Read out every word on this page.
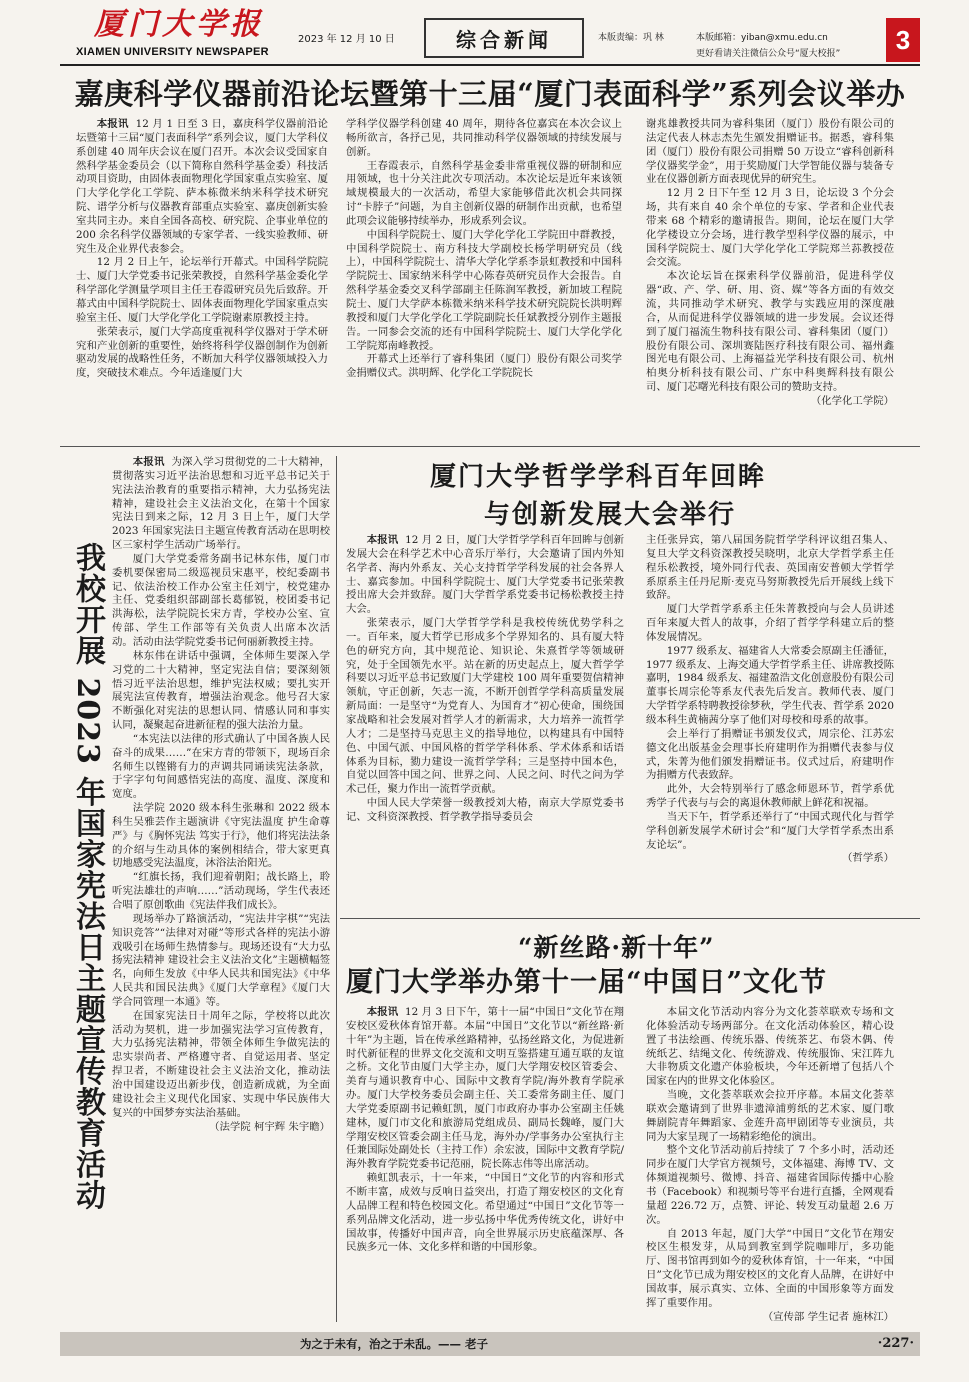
厦门大学报
XIAMEN UNIVERSITY NEWSPAPER
2023 年 12 月 10 日	综合新闻	本版责编：巩 林	本版邮箱：yiban@xmu.edu.cn
更好看请关注微信公众号“厦大校报”	3
嘉庚科学仪器前沿论坛暨第十三届“厦门表面科学”系列会议举办

本报讯 12 月 1 日至 3 日，嘉庚科学仪器前沿论坛暨第十三届“厦门表面科学”系列会议，厦门大学科仪系创建 40 周年庆会议在厦门召开。本次会议受国家自然科学基金委员会（以下简称自然科学基金委）科技活动项目资助，由固体表面物理化学国家重点实验室、厦门大学化学化工学院、萨本栋微米纳米科学技术研究院、谱学分析与仪器教育部重点实验室、嘉庚创新实验室共同主办。来自全国各高校、研究院、企事业单位的 200 余名科学仪器领域的专家学者、一线实验教师、研究生及企业界代表参会。

12 月 2 日上午，论坛举行开幕式。中国科学院院士、厦门大学党委书记张荣教授，自然科学基金委化学科学部化学测量学项目主任王春霞研究员先后致辞。开幕式由中国科学院院士、固体表面物理化学国家重点实验室主任、厦门大学化学化工学院谢素原教授主持。

张荣表示，厦门大学高度重视科学仪器对于学术研究和产业创新的重要性，始终将科学仪器创制作为创新驱动发展的战略性任务，不断加大科学仪器领域投入力度，突破技术难点。今年适逢厦门大

学科学仪器学科创建 40 周年，期待各位嘉宾在本次会议上畅所欲言，各抒己见，共同推动科学仪器领域的持续发展与创新。

王春霞表示，自然科学基金委非常重视仪器的研制和应用领域，也十分关注此次专项活动。本次论坛是近年来该领域规模最大的一次活动，希望大家能够借此次机会共同探讨“卡脖子”问题，为自主创新仪器的研制作出贡献，也希望此项会议能够持续举办，形成系列会议。

中国科学院院士、厦门大学化学化工学院田中群教授，中国科学院院士、南方科技大学副校长杨学明研究员（线上），中国科学院院士、清华大学化学系李景虹教授和中国科学院院士、国家纳米科学中心陈春英研究员作大会报告。自然科学基金委交叉科学部副主任陈润军教授，新加坡工程院院士、厦门大学萨本栋微米纳米科学技术研究院院长洪明辉教授和厦门大学化学化工学院副院长任斌教授分别作主题报告。一同参会交流的还有中国科学院院士、厦门大学化学化工学院郑南峰教授。

开幕式上还举行了睿科集团（厦门）股份有限公司奖学金捐赠仪式。洪明辉、化学化工学院院长

谢兆雄教授共同为睿科集团（厦门）股份有限公司的法定代表人林志杰先生颁发捐赠证书。据悉，睿科集团（厦门）股份有限公司捐赠 50 万设立“睿科创新科学仪器奖学金”，用于奖励厦门大学智能仪器与装备专业在仪器创新方面表现优异的研究生。

12 月 2 日下午至 12 月 3 日，论坛设 3 个分会场，共有来自 40 余个单位的专家、学者和企业代表带来 68 个精彩的邀请报告。期间，论坛在厦门大学化学楼设立分会场，进行教学型科学仪器的展示，中国科学院院士、厦门大学化学化工学院郑兰荪教授莅会交流。

本次论坛旨在探索科学仪器前沿，促进科学仪器“政、产、学、研、用、资、媒”等各方面的有效交流，共同推动学术研究、教学与实践应用的深度融合，从而促进科学仪器领域的进一步发展。会议还得到了厦门福流生物科技有限公司、睿科集团（厦门）股份有限公司、深圳赛陆医疗科技有限公司、福州鑫图光电有限公司、上海福益光学科技有限公司、杭州柏奥分析科技有限公司、广东中科奥辉科技有限公司、厦门芯曙光科技有限公司的赞助支持。

（化学化工学院）

我校开展 2023 年国家宪法日主题宣传教育活动

本报讯 为深入学习贯彻党的二十大精神，贯彻落实习近平法治思想和习近平总书记关于宪法法治教育的重要指示精神，大力弘扬宪法精神，建设社会主义法治文化，在第十个国家宪法日到来之际，12 月 3 日上午，厦门大学 2023 年国家宪法日主题宣传教育活动在思明校区三家村学生活动广场举行。

厦门大学党委常务副书记林东伟，厦门市委机要保密局二级巡视员宋惠平，校纪委副书记、依法治校工作办公室主任刘宁，校党建办主任、党委组织部副部长葛郁锐，校团委书记洪海松，法学院院长宋方青，学校办公室、宣传部、学生工作部等有关负责人出席本次活动。活动由法学院党委书记何丽新教授主持。

林东伟在讲话中强调，全体师生要深入学习党的二十大精神，坚定宪法自信；要深刻领悟习近平法治思想，维护宪法权威；要扎实开展宪法宣传教育，增强法治观念。他号召大家不断强化对宪法的思想认同、情感认同和事实认同，凝聚起奋进新征程的强大法治力量。

“本宪法以法律的形式确认了中国各族人民奋斗的成果……”在宋方青的带领下，现场百余名师生以铿锵有力的声调共同诵读宪法条款，于字字句句间感悟宪法的高度、温度、深度和宽度。

法学院 2020 级本科生张琳和 2022 级本科生吴雅芸作主题演讲《守宪法温度 护生命尊严》与《胸怀宪法 笃实于行》，他们将宪法法条的介绍与生动具体的案例相结合，带大家更真切地感受宪法温度，沐浴法治阳光。

“红旗长扬，我们迎着朝阳；战长路上，聆听宪法雄壮的声响……”活动现场，学生代表还合唱了原创歌曲《宪法伴我们成长》。

现场举办了路演活动，“宪法井字棋”“宪法知识竞答”“法律对对碰”等形式各样的宪法小游戏吸引在场师生热情参与。现场还设有“大力弘扬宪法精神 建设社会主义法治文化”主题横幅签名，向师生发放《中华人民共和国宪法》《中华人民共和国民法典》《厦门大学章程》《厦门大学合同管理一本通》等。

在国家宪法日十周年之际，学校将以此次活动为契机，进一步加强宪法学习宣传教育，大力弘扬宪法精神，带领全体师生争做宪法的忠实崇尚者、严格遵守者、自觉运用者、坚定捍卫者，不断建设社会主义法治文化，推动法治中国建设迈出新步伐，创造新成就，为全面建设社会主义现代化国家、实现中华民族伟大复兴的中国梦夯实法治基础。

（法学院 柯宇辉 朱宇瞻）

厦门大学哲学学科百年回眸
与创新发展大会举行

本报讯 12 月 2 日，厦门大学哲学学科百年回眸与创新发展大会在科学艺术中心音乐厅举行，大会邀请了国内外知名学者、海内外系友、关心支持哲学学科发展的社会各界人士、嘉宾参加。中国科学院院士、厦门大学党委书记张荣教授出席大会并致辞。厦门大学哲学系党委书记杨松教授主持大会。

张荣表示，厦门大学哲学学科是我校传统优势学科之一。百年来，厦大哲学已形成多个学界知名的、具有厦大特色的研究方向，其中规范论、知识论、朱熹哲学等领域研究，处于全国领先水平。站在新的历史起点上，厦大哲学学科要以习近平总书记致厦门大学建校 100 周年重要贺信精神领航，守正创新，矢志一流，不断开创哲学学科高质量发展新局面：一是坚守“为党育人、为国育才”初心使命，围绕国家战略和社会发展对哲学人才的新需求，大力培养一流哲学人才；二是坚持马克思主义的指导地位，以构建具有中国特色、中国气派、中国风格的哲学学科体系、学术体系和话语体系为目标，勠力建设一流哲学学科；三是坚持中国本色，自觉以回答中国之问、世界之问、人民之问、时代之问为学术己任，聚力作出一流哲学贡献。

中国人民大学荣誉一级教授刘大椿，南京大学原党委书记、文科资深教授、哲学教学指导委员会

主任张异宾，第八届国务院哲学学科评议组召集人、复旦大学文科资深教授吴晓明，北京大学哲学系主任程乐松教授，境外同行代表、英国南安普顿大学哲学系原系主任丹尼斯·麦克马努斯教授先后开展线上线下致辞。

厦门大学哲学系系主任朱菁教授向与会人员讲述百年来厦大哲人的故事，介绍了哲学学科建立后的整体发展情况。

1977 级系友、福建省人大常委会原副主任潘征，1977 级系友、上海交通大学哲学系主任、讲席教授陈嘉明，1984 级系友、福建盈浩文化创意股份有限公司董事长周宗伦等系友代表先后发言。教师代表、厦门大学哲学系特聘教授徐梦秋，学生代表、哲学系 2020 级本科生黄楠茜分享了他们对母校和母系的故事。

会上举行了捐赠证书颁发仪式，周宗伦、江苏宏德文化出版基金会理事长府建明作为捐赠代表参与仪式，朱菁为他们颁发捐赠证书。仪式过后，府建明作为捐赠方代表致辞。

此外，大会特别举行了感念师恩环节，哲学系优秀学子代表与与会的离退休教师献上鲜花和祝福。

当天下午，哲学系还举行了“中国式现代化与哲学学科创新发展学术研讨会”和“厦门大学哲学系杰出系友论坛”。

（哲学系）

“新丝路·新十年”
厦门大学举办第十一届“中国日”文化节

本报讯 12 月 3 日下午，第十一届“中国日”文化节在翔安校区爱秋体育馆开幕。本届“中国日”文化节以“新丝路·新十年”为主题，旨在传承丝路精神，弘扬丝路文化，为促进新时代新征程的世界文化交流和文明互鉴搭建互通互联的友谊之桥。文化节由厦门大学主办，厦门大学翔安校区管委会、美育与通识教育中心、国际中文教育学院/海外教育学院承办。厦门大学校务委员会副主任、关工委常务副主任、厦门大学党委原副书记赖虹凯，厦门市政府办事办公室副主任姚建林，厦门市文化和旅游局党组成员、副局长魏峰，厦门大学翔安校区管委会副主任马龙，海外办/学事务办公室执行主任兼国际处副处长（主持工作）余宏波，国际中文教育学院/海外教育学院党委书记范丽，院长陈志伟等出席活动。

赖虹凯表示，十一年来，“中国日”文化节的内容和形式不断丰富，成效与反响日益突出，打造了翔安校区的文化育人品牌工程和特色校园文化。希望通过“中国日”文化节等一系列品牌文化活动，进一步弘扬中华优秀传统文化，讲好中国故事，传播好中国声音，向全世界展示历史底蕴深厚、各民族多元一体、文化多样和谐的中国形象。

本届文化节活动内容分为文化荟萃联欢专场和文化体验活动专场两部分。在文化活动体验区，精心设置了书法绘画、传统乐器、传统茶艺、布袋木偶、传统纸艺、结绳文化、传统游戏、传统服饰、宋江阵九大非物质文化遗产体验板块，今年还新增了包括八个国家在内的世界文化体验区。

当晚，文化荟萃联欢会拉开序幕。本届文化荟萃联欢会邀请到了世界非遗漳浦剪纸的艺术家、厦门歌舞剧院青年舞蹈家、金莲升高甲剧团等专业演员，共同为大家呈现了一场精彩绝伦的演出。

整个文化节活动前后持续了 7 个多小时，活动还同步在厦门大学官方视频号，文体福建、海博 TV、文体频道视频号、微博、抖音、福建省国际传播中心脸书（Facebook）和视频号等平台进行直播，全网观看量超 226.72 万，点赞、评论、转发互动量超 2.6 万次。

自 2013 年起，厦门大学“中国日”文化节在翔安校区生根发芽，从局到教室到学院咖啡厅，多功能厅、图书馆再到如今的爱秋体育馆，十一年来，“中国日”文化节已成为翔安校区的文化育人品牌，在讲好中国故事，展示真实、立体、全面的中国形象等方面发挥了重要作用。

（宣传部 学生记者 施林江）

为之于未有，治之于未乱。—— 老子	·227·
